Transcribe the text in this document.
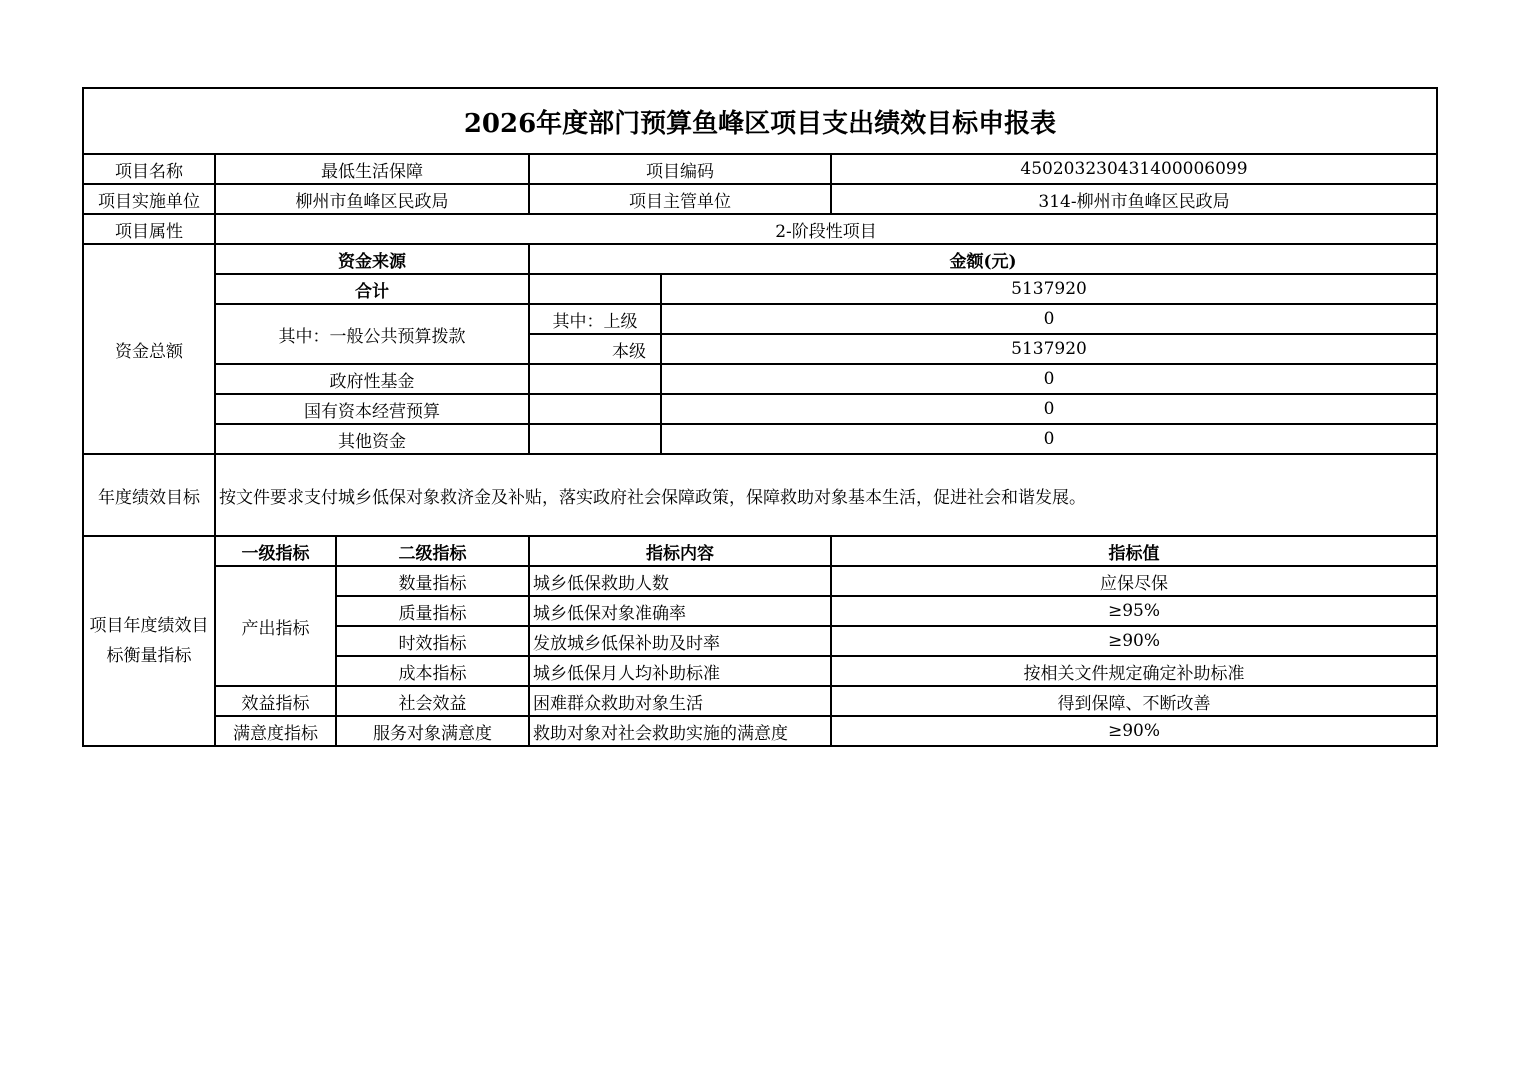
2026年度部门预算鱼峰区项目支出绩效目标申报表					
项目名称	最低生活保障		项目编码		45020323043140000609​9
项目实施单位	柳州市鱼峰区民政局		项目主管单位		314-柳州市鱼峰区民政局
项目属性	2-阶段性项目				
资金总额	资金来源		金额(元)		
	合计			5137920	
	其中：一般公共预算拨款		其中：上级	0	
			本级	5137920	
	政府性基金			0	
	国有资本经营预算			0	
	其他资金			0	
年度绩效目标	按文件要求支付城乡低保对象救济金及补贴，落实政府社会保障政策，保障救助对象基本生活，促进社会和谐发展。				
项目年度绩效目标衡量指标	一级指标	二级指标	指标内容		指标值
	产出指标	数量指标	城乡低保救助人数		应保尽保
		质量指标	城乡低保对象准确率		≥95%
		时效指标	发放城乡低保补助及时率		≥90%
		成本指标	城乡低保月人均补助标准		按相关文件规定确定补助标准
	效益指标	社会效益	困难群众救助对象生活		得到保障、不断改善
	满意度指标	服务对象满意度	救助对象对社会救助实施的满意度		≥90%
